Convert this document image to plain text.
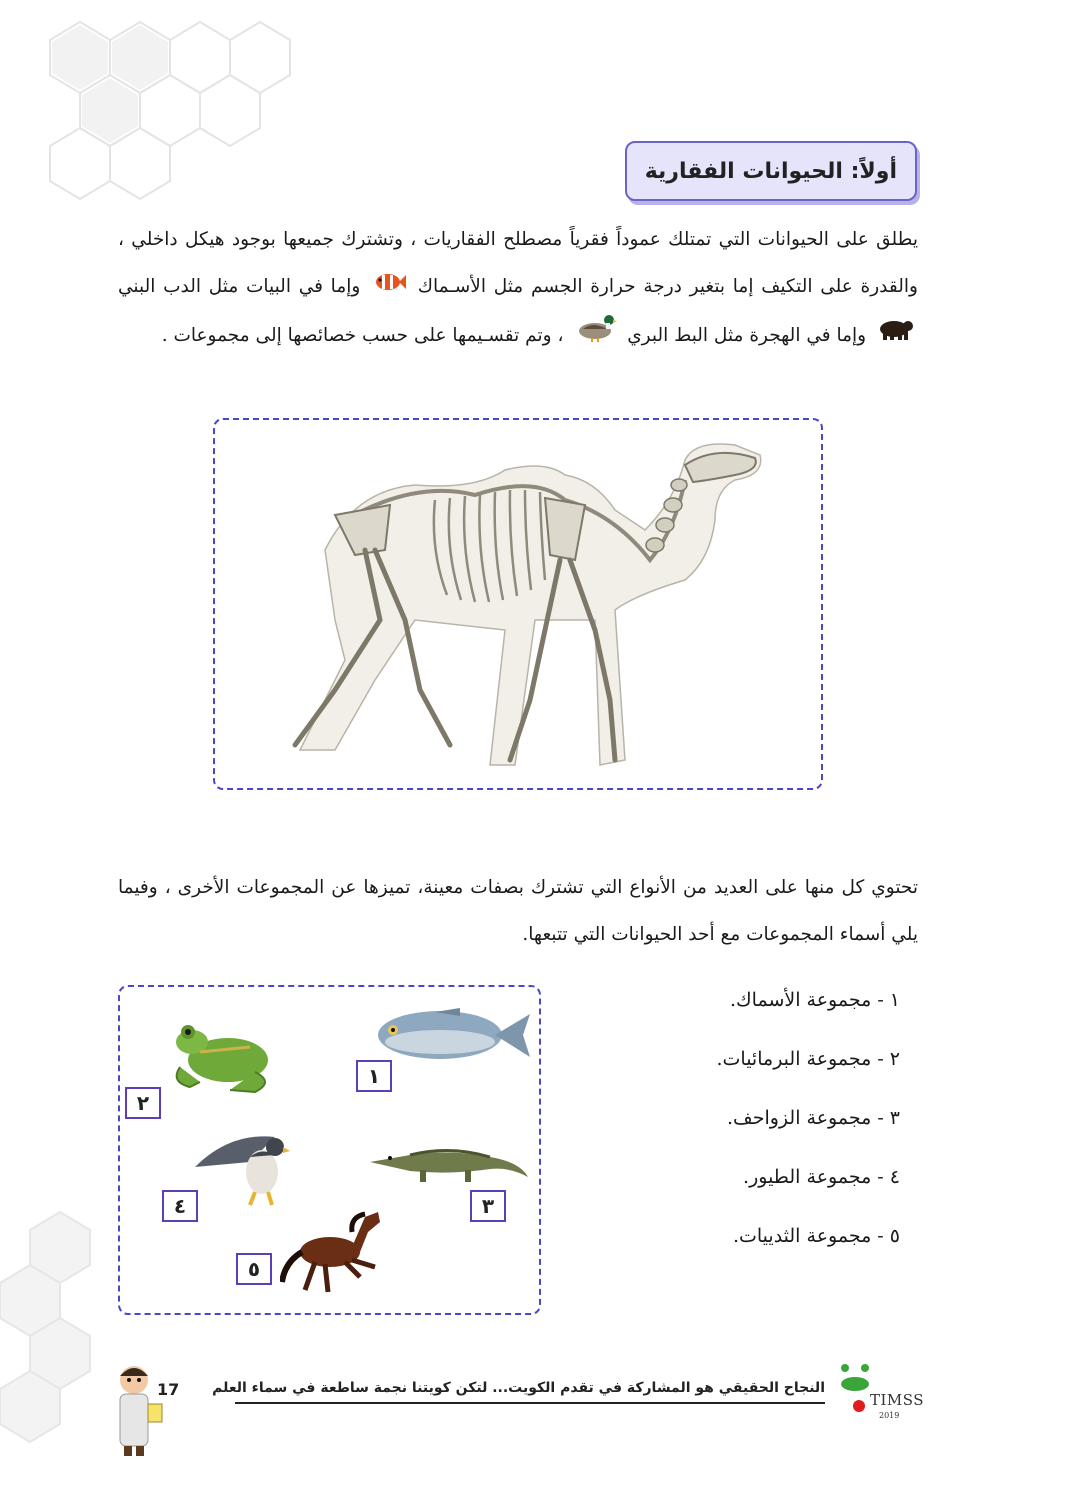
أولاً: الحيوانات الفقارية
يطلق على الحيوانات التي تمتلك عموداً فقرياً مصطلح الفقاريات ، وتشترك جميعها بوجود هيكل داخلي ، والقدرة على التكيف إما بتغير درجة حرارة الجسم مثل الأسـماك  وإما في البيات مثل الدب البني  وإما في الهجرة مثل البط البري  ، وتم تقسـيمها على حسب خصائصها إلى مجموعات .
تحتوي كل منها على العديد من الأنواع التي تشترك بصفات معينة، تميزها عن المجموعات الأخرى ، وفيما يلي أسماء المجموعات مع أحد الحيوانات التي تتبعها.
١ - مجموعة الأسماك.
٢ - مجموعة البرمائيات.
٣ - مجموعة الزواحف.
٤ - مجموعة الطيور.
٥ - مجموعة الثدييات.
٢
١
٤	٣
٥
17 النجاح الحقيقي هو المشاركة في تقدم الكويت... لتكن كويتنا نجمة ساطعة في سماء العلم
TIMSS
2019
